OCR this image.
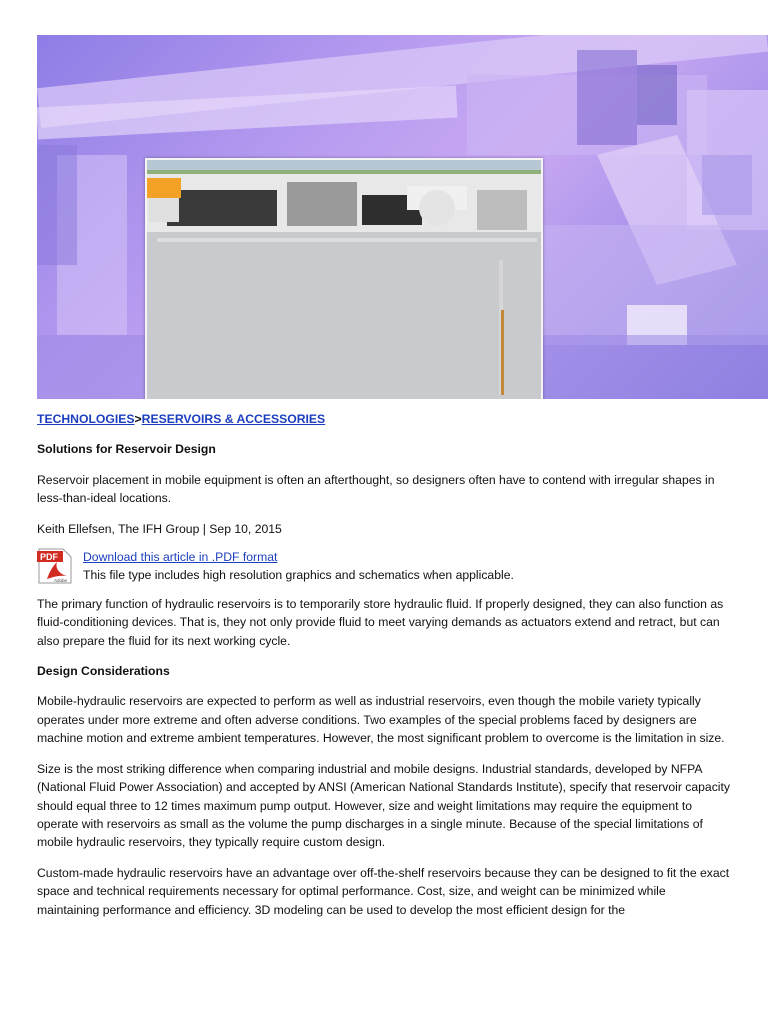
TECHNOLOGIES>RESERVOIRS & ACCESSORIES

Solutions for Reservoir Design

Reservoir placement in mobile equipment is often an afterthought, so designers often have to contend with irregular shapes in less-than-ideal locations.

Keith Ellefsen, The IFH Group | Sep 10, 2015

PDF
Adobe
Download this article in .PDF format
This file type includes high resolution graphics and schematics when applicable.

The primary function of hydraulic reservoirs is to temporarily store hydraulic fluid. If properly designed, they can also function as fluid-conditioning devices. That is, they not only provide fluid to meet varying demands as actuators extend and retract, but can also prepare the fluid for its next working cycle.

Design Considerations

Mobile-hydraulic reservoirs are expected to perform as well as industrial reservoirs, even though the mobile variety typically operates under more extreme and often adverse conditions. Two examples of the special problems faced by designers are machine motion and extreme ambient temperatures. However, the most significant problem to overcome is the limitation in size.

Size is the most striking difference when comparing industrial and mobile designs. Industrial standards, developed by NFPA (National Fluid Power Association) and accepted by ANSI (American National Standards Institute), specify that reservoir capacity should equal three to 12 times maximum pump output. However, size and weight limitations may require the equipment to operate with reservoirs as small as the volume the pump discharges in a single minute. Because of the special limitations of mobile hydraulic reservoirs, they typically require custom design.

Custom-made hydraulic reservoirs have an advantage over off-the-shelf reservoirs because they can be designed to fit the exact space and technical requirements necessary for optimal performance. Cost, size, and weight can be minimized while maintaining performance and efficiency. 3D modeling can be used to develop the most efficient design for the
